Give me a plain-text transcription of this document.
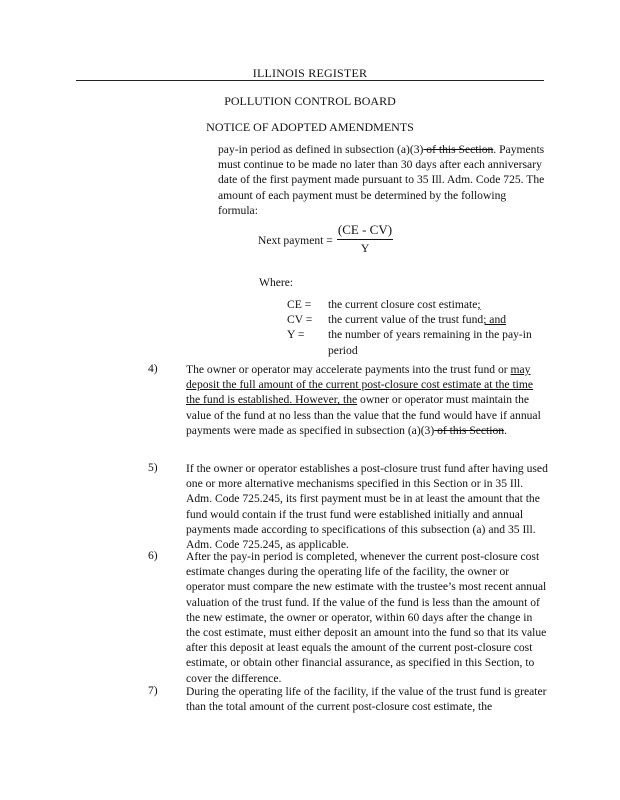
ILLINOIS REGISTER
POLLUTION CONTROL BOARD
NOTICE OF ADOPTED AMENDMENTS
pay-in period as defined in subsection (a)(3) of this Section. Payments must continue to be made no later than 30 days after each anniversary date of the first payment made pursuant to 35 Ill. Adm. Code 725. The amount of each payment must be determined by the following formula:
Next payment =
(CE - CV)
Y
Where:
CE =	the current closure cost estimate;
CV =	the current value of the trust fund; and
Y =	the number of years remaining in the pay-in period
4) The owner or operator may accelerate payments into the trust fund or may deposit the full amount of the current post-closure cost estimate at the time the fund is established. However, the owner or operator must maintain the value of the fund at no less than the value that the fund would have if annual payments were made as specified in subsection (a)(3) of this Section.
5) If the owner or operator establishes a post-closure trust fund after having used one or more alternative mechanisms specified in this Section or in 35 Ill. Adm. Code 725.245, its first payment must be in at least the amount that the fund would contain if the trust fund were established initially and annual payments made according to specifications of this subsection (a) and 35 Ill. Adm. Code 725.245, as applicable.
6) After the pay-in period is completed, whenever the current post-closure cost estimate changes during the operating life of the facility, the owner or operator must compare the new estimate with the trustee’s most recent annual valuation of the trust fund. If the value of the fund is less than the amount of the new estimate, the owner or operator, within 60 days after the change in the cost estimate, must either deposit an amount into the fund so that its value after this deposit at least equals the amount of the current post-closure cost estimate, or obtain other financial assurance, as specified in this Section, to cover the difference.
7) During the operating life of the facility, if the value of the trust fund is greater than the total amount of the current post-closure cost estimate, the
